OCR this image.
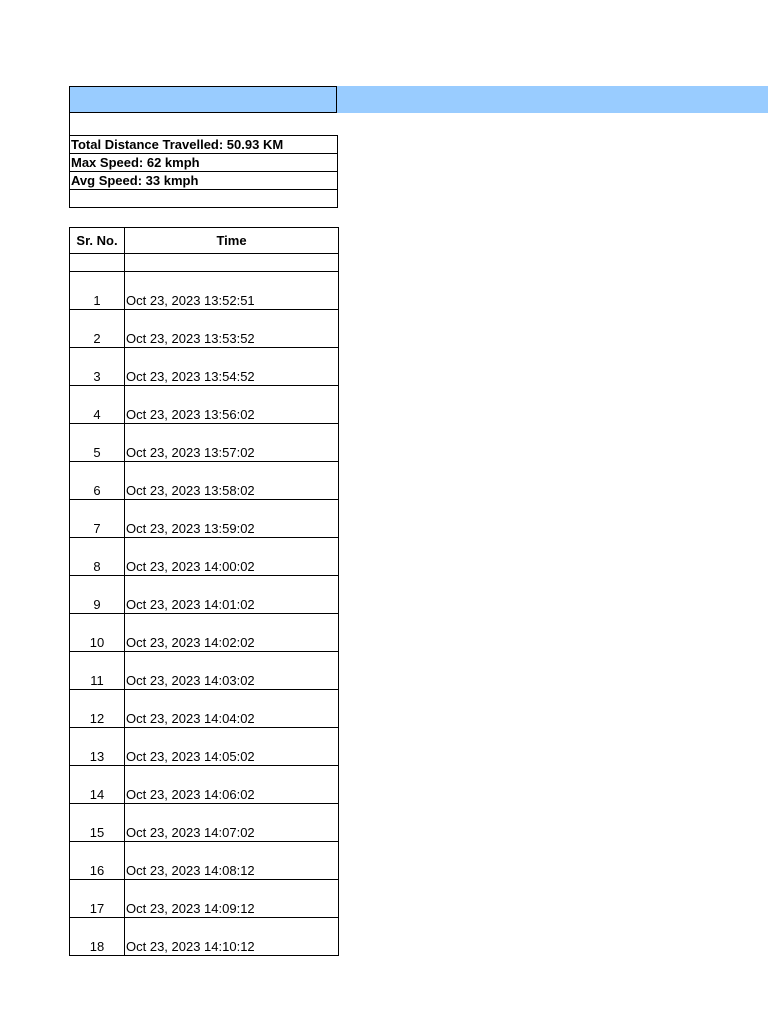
Total Distance Travelled: 50.93 KM
Max Speed: 62 kmph
Avg Speed: 33 kmph

Sr. No.	Time

1	Oct 23, 2023 13:52:51
2	Oct 23, 2023 13:53:52
3	Oct 23, 2023 13:54:52
4	Oct 23, 2023 13:56:02
5	Oct 23, 2023 13:57:02
6	Oct 23, 2023 13:58:02
7	Oct 23, 2023 13:59:02
8	Oct 23, 2023 14:00:02
9	Oct 23, 2023 14:01:02
10	Oct 23, 2023 14:02:02
11	Oct 23, 2023 14:03:02
12	Oct 23, 2023 14:04:02
13	Oct 23, 2023 14:05:02
14	Oct 23, 2023 14:06:02
15	Oct 23, 2023 14:07:02
16	Oct 23, 2023 14:08:12
17	Oct 23, 2023 14:09:12
18	Oct 23, 2023 14:10:12
